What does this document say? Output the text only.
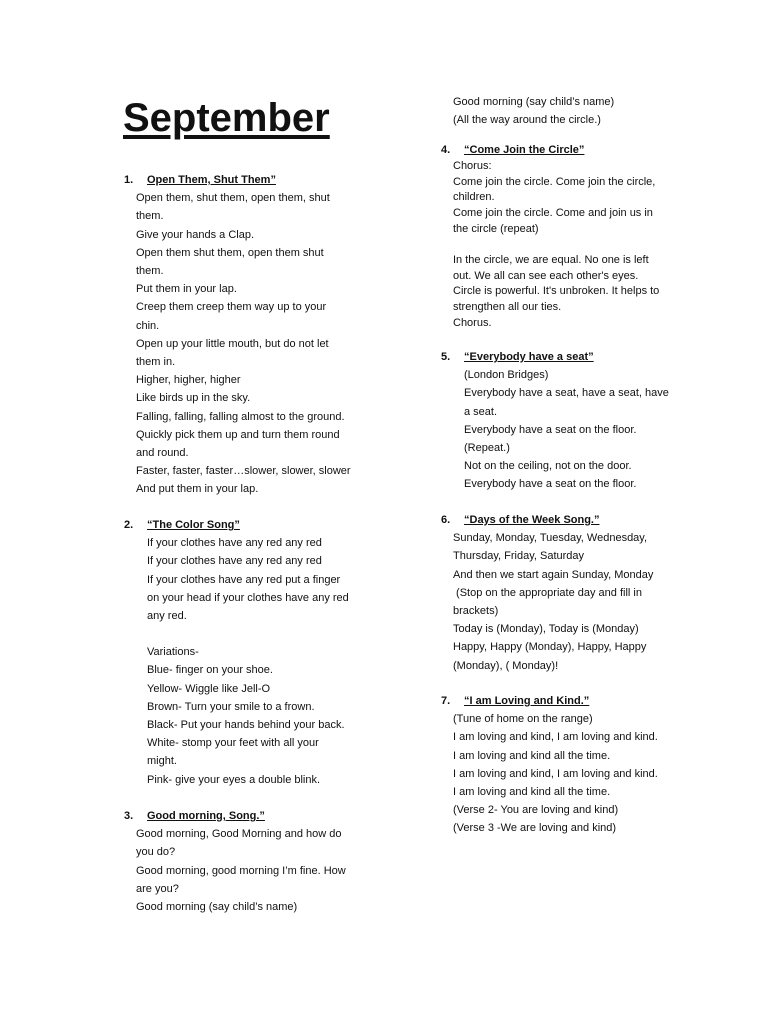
September
1. Open Them, Shut Them”
Open them, shut them, open them, shut
them.
Give your hands a Clap.
Open them shut them, open them shut
them.
Put them in your lap.
Creep them creep them way up to your
chin.
Open up your little mouth, but do not let
them in.
Higher, higher, higher
Like birds up in the sky.
Falling, falling, falling almost to the ground.
Quickly pick them up and turn them round
and round.
Faster, faster, faster…slower, slower, slower
And put them in your lap.
2. “The Color Song”
If your clothes have any red any red
If your clothes have any red any red
If your clothes have any red put a finger
on your head if your clothes have any red
any red.
Variations-
Blue- finger on your shoe.
Yellow- Wiggle like Jell-O
Brown- Turn your smile to a frown.
Black- Put your hands behind your back.
White- stomp your feet with all your
might.
Pink- give your eyes a double blink.
3. Good morning, Song.”
Good morning, Good Morning and how do
you do?
Good morning, good morning I’m fine. How
are you?
Good morning (say child’s name)
Good morning (say child’s name)
(All the way around the circle.)
4. “Come Join the Circle”
Chorus:
Come join the circle. Come join the circle,
children.
Come join the circle. Come and join us in
the circle (repeat)
In the circle, we are equal. No one is left
out. We all can see each other's eyes.
Circle is powerful. It's unbroken. It helps to
strengthen all our ties.
Chorus.
5. “Everybody have a seat”
(London Bridges)
Everybody have a seat, have a seat, have
a seat.
Everybody have a seat on the floor.
(Repeat.)
Not on the ceiling, not on the door.
Everybody have a seat on the floor.
6. “Days of the Week Song.”
Sunday, Monday, Tuesday, Wednesday,
Thursday, Friday, Saturday
And then we start again Sunday, Monday
(Stop on the appropriate day and fill in
brackets)
Today is (Monday), Today is (Monday)
Happy, Happy (Monday), Happy, Happy
(Monday), ( Monday)!
7. “I am Loving and Kind.”
(Tune of home on the range)
I am loving and kind, I am loving and kind.
I am loving and kind all the time.
I am loving and kind, I am loving and kind.
I am loving and kind all the time.
(Verse 2- You are loving and kind)
(Verse 3 -We are loving and kind)
